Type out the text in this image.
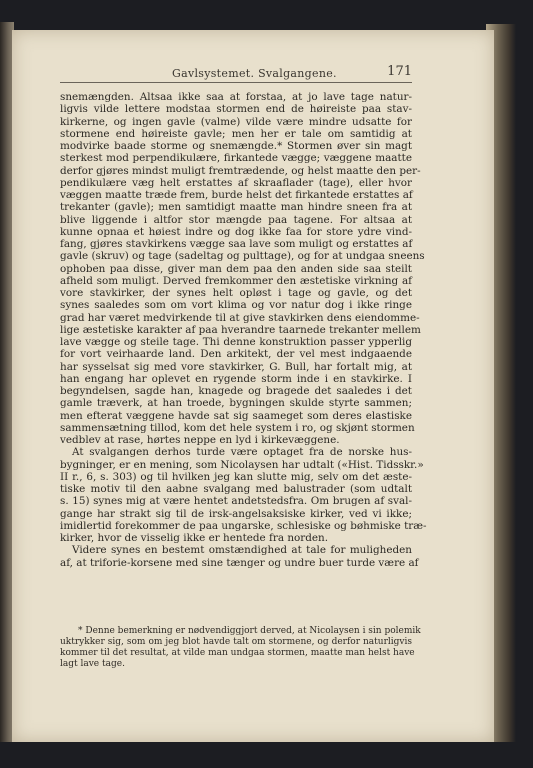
Gavlsystemet. Svalgangene.	171
snemængden. Altsaa ikke saa at forstaa, at jo lave tage natur-
ligvis vilde lettere modstaa stormen end de høireiste paa stav-
kirkerne, og ingen gavle (valme) vilde være mindre udsatte for
stormene end høireiste gavle; men her er tale om samtidig at
modvirke baade storme og snemængde.* Stormen øver sin magt
sterkest mod perpendikulære, firkantede vægge; væggene maatte
derfor gjøres mindst muligt fremtrædende, og helst maatte den per-
pendikulære væg helt erstattes af skraaflader (tage), eller hvor
væggen maatte træde frem, burde helst det firkantede erstattes af
trekanter (gavle); men samtidigt maatte man hindre sneen fra at
blive liggende i altfor stor mængde paa tagene. For altsaa at
kunne opnaa et høiest indre og dog ikke faa for store ydre vind-
fang, gjøres stavkirkens vægge saa lave som muligt og erstattes af
gavle (skruv) og tage (sadeltag og pulttage), og for at undgaa sneens
ophoben paa disse, giver man dem paa den anden side saa steilt
afheld som muligt. Derved fremkommer den æstetiske virkning af
vore stavkirker, der synes helt opløst i tage og gavle, og det
synes saaledes som om vort klima og vor natur dog i ikke ringe
grad har været medvirkende til at give stavkirken dens eiendomme-
lige æstetiske karakter af paa hverandre taarnede trekanter mellem
lave vægge og steile tage. Thi denne konstruktion passer ypperlig
for vort veirhaarde land. Den arkitekt, der vel mest indgaaende
har sysselsat sig med vore stavkirker, G. Bull, har fortalt mig, at
han engang har oplevet en rygende storm inde i en stavkirke. I
begyndelsen, sagde han, knagede og bragede det saaledes i det
gamle træverk, at han troede, bygningen skulde styrte sammen;
men efterat væggene havde sat sig saameget som deres elastiske
sammensætning tillod, kom det hele system i ro, og skjønt stormen
vedblev at rase, hørtes neppe en lyd i kirkevæggene.
At svalgangen derhos turde være optaget fra de norske hus-
bygninger, er en mening, som Nicolaysen har udtalt («Hist. Tidsskr.»
II r., 6, s. 303) og til hvilken jeg kan slutte mig, selv om det æste-
tiske motiv til den aabne svalgang med balustrader (som udtalt
s. 15) synes mig at være hentet andetstedsfra. Om brugen af sval-
gange har strakt sig til de irsk-angelsaksiske kirker, ved vi ikke;
imidlertid forekommer de paa ungarske, schlesiske og bøhmiske træ-
kirker, hvor de visselig ikke er hentede fra norden.
Videre synes en bestemt omstændighed at tale for muligheden
af, at triforie-korsene med sine tænger og undre buer turde være af
* Denne bemerkning er nødvendiggjort derved, at Nicolaysen i sin polemik
uktrykker sig, som om jeg blot havde talt om stormene, og derfor naturligvis
kommer til det resultat, at vilde man undgaa stormen, maatte man helst have
lagt lave tage.
